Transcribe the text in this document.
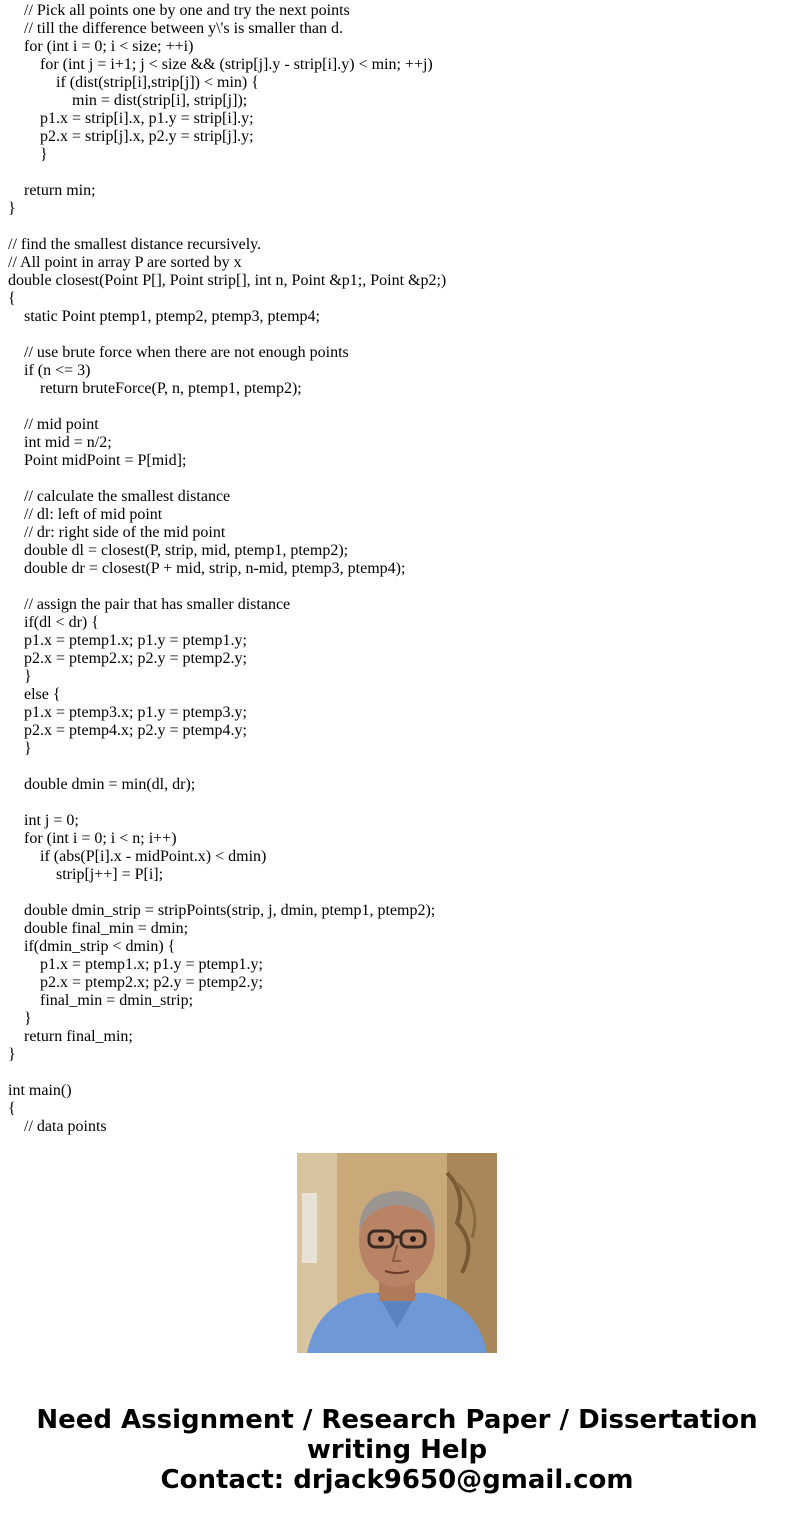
// Pick all points one by one and try the next points
// till the difference between y\'s is smaller than d.
for (int i = 0; i < size; ++i)
for (int j = i+1; j < size && (strip[j].y - strip[i].y) < min; ++j)
if (dist(strip[i],strip[j]) < min) {
min = dist(strip[i], strip[j]);
p1.x = strip[i].x, p1.y = strip[i].y;
p2.x = strip[j].x, p2.y = strip[j].y;
}
return min;
}
// find the smallest distance recursively.
// All point in array P are sorted by x
double closest(Point P[], Point strip[], int n, Point &p1;, Point &p2;)
{
static Point ptemp1, ptemp2, ptemp3, ptemp4;
// use brute force when there are not enough points
if (n <= 3)
return bruteForce(P, n, ptemp1, ptemp2);
// mid point
int mid = n/2;
Point midPoint = P[mid];
// calculate the smallest distance
// dl: left of mid point
// dr: right side of the mid point
double dl = closest(P, strip, mid, ptemp1, ptemp2);
double dr = closest(P + mid, strip, n-mid, ptemp3, ptemp4);
// assign the pair that has smaller distance
if(dl < dr) {
p1.x = ptemp1.x; p1.y = ptemp1.y;
p2.x = ptemp2.x; p2.y = ptemp2.y;
}
else {
p1.x = ptemp3.x; p1.y = ptemp3.y;
p2.x = ptemp4.x; p2.y = ptemp4.y;
}
double dmin = min(dl, dr);
int j = 0;
for (int i = 0; i < n; i++)
if (abs(P[i].x - midPoint.x) < dmin)
strip[j++] = P[i];
double dmin_strip = stripPoints(strip, j, dmin, ptemp1, ptemp2);
double final_min = dmin;
if(dmin_strip < dmin) {
p1.x = ptemp1.x; p1.y = ptemp1.y;
p2.x = ptemp2.x; p2.y = ptemp2.y;
final_min = dmin_strip;
}
return final_min;
}
int main()
{
// data points
Need Assignment / Research Paper / Dissertation
writing Help
Contact: drjack9650@gmail.com
